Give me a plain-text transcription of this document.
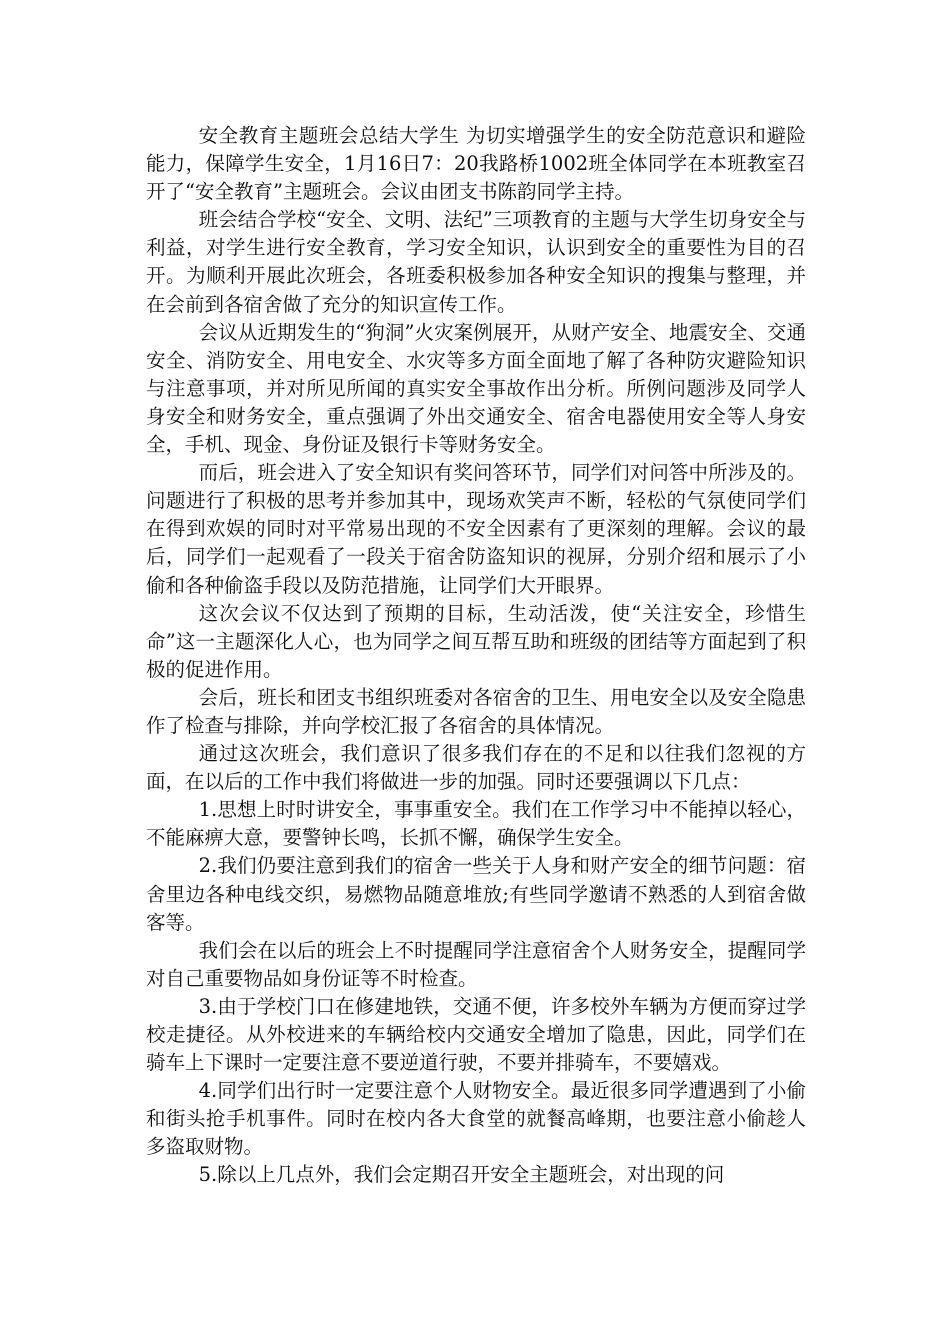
安全教育主题班会总结大学生 为切实增强学生的安全防范意识和避险能力，保障学生安全，1月16日7：20我路桥1002班全体同学在本班教室召开了“安全教育”主题班会。会议由团支书陈韵同学主持。

班会结合学校“安全、文明、法纪”三项教育的主题与大学生切身安全与利益，对学生进行安全教育，学习安全知识，认识到安全的重要性为目的召开。为顺利开展此次班会，各班委积极参加各种安全知识的搜集与整理，并在会前到各宿舍做了充分的知识宣传工作。

会议从近期发生的“狗洞”火灾案例展开，从财产安全、地震安全、交通安全、消防安全、用电安全、水灾等多方面全面地了解了各种防灾避险知识与注意事项，并对所见所闻的真实安全事故作出分析。所例问题涉及同学人身安全和财务安全，重点强调了外出交通安全、宿舍电器使用安全等人身安全，手机、现金、身份证及银行卡等财务安全。

而后，班会进入了安全知识有奖问答环节，同学们对问答中所涉及的。问题进行了积极的思考并参加其中，现场欢笑声不断，轻松的气氛使同学们在得到欢娱的同时对平常易出现的不安全因素有了更深刻的理解。会议的最后，同学们一起观看了一段关于宿舍防盗知识的视屏，分别介绍和展示了小偷和各种偷盗手段以及防范措施，让同学们大开眼界。

这次会议不仅达到了预期的目标，生动活泼，使“关注安全，珍惜生命”这一主题深化人心，也为同学之间互帮互助和班级的团结等方面起到了积极的促进作用。

会后，班长和团支书组织班委对各宿舍的卫生、用电安全以及安全隐患作了检查与排除，并向学校汇报了各宿舍的具体情况。

通过这次班会，我们意识了很多我们存在的不足和以往我们忽视的方面，在以后的工作中我们将做进一步的加强。同时还要强调以下几点：

1.思想上时时讲安全，事事重安全。我们在工作学习中不能掉以轻心，不能麻痹大意，要警钟长鸣，长抓不懈，确保学生安全。

2.我们仍要注意到我们的宿舍一些关于人身和财产安全的细节问题：宿舍里边各种电线交织，易燃物品随意堆放;有些同学邀请不熟悉的人到宿舍做客等。

我们会在以后的班会上不时提醒同学注意宿舍个人财务安全，提醒同学对自己重要物品如身份证等不时检查。

3.由于学校门口在修建地铁，交通不便，许多校外车辆为方便而穿过学校走捷径。从外校进来的车辆给校内交通安全增加了隐患，因此，同学们在骑车上下课时一定要注意不要逆道行驶，不要并排骑车，不要嬉戏。

4.同学们出行时一定要注意个人财物安全。最近很多同学遭遇到了小偷和街头抢手机事件。同时在校内各大食堂的就餐高峰期，也要注意小偷趁人多盗取财物。

5.除以上几点外，我们会定期召开安全主题班会，对出现的问
